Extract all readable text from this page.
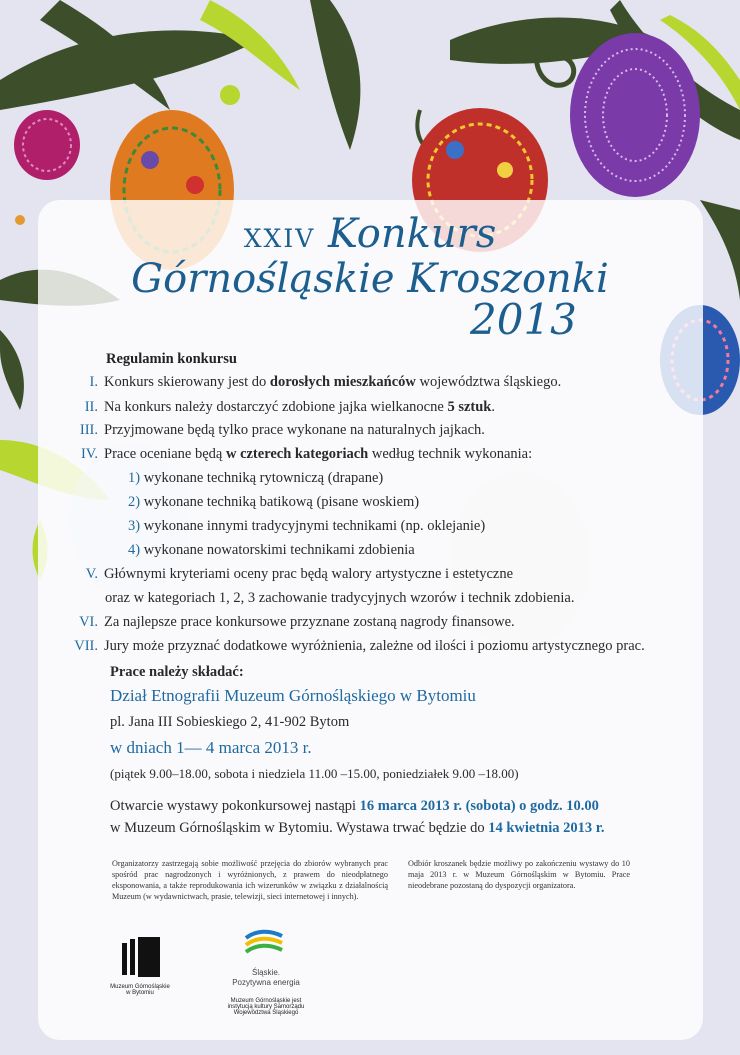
XXIV Konkurs
Górnośląskie Kroszonki
2013
Regulamin konkursu
I. Konkurs skierowany jest do dorosłych mieszkańców województwa śląskiego.
II. Na konkurs należy dostarczyć zdobione jajka wielkanocne 5 sztuk.
III. Przyjmowane będą tylko prace wykonane na naturalnych jajkach.
IV. Prace oceniane będą w czterech kategoriach według technik wykonania:
1) wykonane techniką rytowniczą (drapane)
2) wykonane techniką batikową (pisane woskiem)
3) wykonane innymi tradycyjnymi technikami (np. oklejanie)
4) wykonane nowatorskimi technikami zdobienia
V. Głównymi kryteriami oceny prac będą walory artystyczne i estetyczne
oraz w kategoriach 1, 2, 3 zachowanie tradycyjnych wzorów i technik zdobienia.
VI. Za najlepsze prace konkursowe przyznane zostaną nagrody finansowe.
VII. Jury może przyznać dodatkowe wyróżnienia, zależne od ilości i poziomu artystycznego prac.
Prace należy składać:
Dział Etnografii Muzeum Górnośląskiego w Bytomiu
pl. Jana III Sobieskiego 2, 41-902 Bytom
w dniach 1— 4 marca 2013 r.
(piątek 9.00–18.00, sobota i niedziela 11.00 –15.00, poniedziałek 9.00 –18.00)
Otwarcie wystawy pokonkursowej nastąpi 16 marca 2013 r. (sobota) o godz. 10.00
w Muzeum Górnośląskim w Bytomiu. Wystawa trwać będzie do 14 kwietnia 2013 r.
Organizatorzy zastrzegają sobie możliwość przejęcia do zbiorów wybranych prac spośród prac nagrodzonych i wyróżnionych, z prawem do nieodpłatnego eksponowania, a także reprodukowania ich wizerunków w związku z działalnością Muzeum (w wydawnictwach, prasie, telewizji, sieci internetowej i innych).
Odbiór kroszanek będzie możliwy po zakończeniu wystawy do 10 maja 2013 r. w Muzeum Górnośląskim w Bytomiu. Prace nieodebrane pozostaną do dyspozycji organizatora.
Muzeum Górnośląskie
w Bytomiu
Śląskie.
Pozytywna energia
Muzeum Górnośląskie jest
instytucją kultury Samorządu
Województwa Śląskiego
